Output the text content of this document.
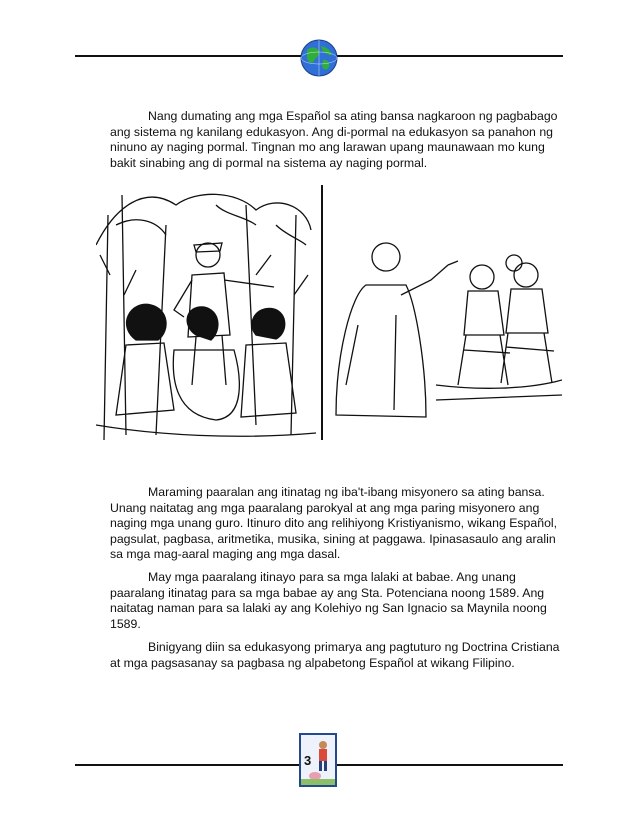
Nang dumating ang mga Español sa ating bansa nagkaroon ng pagbabago ang sistema ng kanilang edukasyon. Ang di-pormal na edukasyon sa panahon ng ninuno ay naging pormal. Tingnan mo ang larawan upang maunawaan mo kung bakit sinabing ang di pormal na sistema ay naging pormal.

Maraming paaralan ang itinatag ng iba't-ibang misyonero sa ating bansa. Unang naitatag ang mga paaralang parokyal at ang mga paring misyonero ang naging mga unang guro. Itinuro dito ang relihiyong Kristiyanismo, wikang Español, pagsulat, pagbasa, aritmetika, musika, sining at paggawa. Ipinasasaulo ang aralin sa mga mag-aaral maging ang mga dasal.

May mga paaralang itinayo para sa mga lalaki at babae. Ang unang paaralang itinatag para sa mga babae ay ang Sta. Potenciana noong 1589. Ang naitatag naman para sa lalaki ay ang Kolehiyo ng San Ignacio sa Maynila noong 1589.

Binigyang diin sa edukasyong primarya ang pagtuturo ng Doctrina Cristiana at mga pagsasanay sa pagbasa ng alpabetong Español at wikang Filipino.

3
